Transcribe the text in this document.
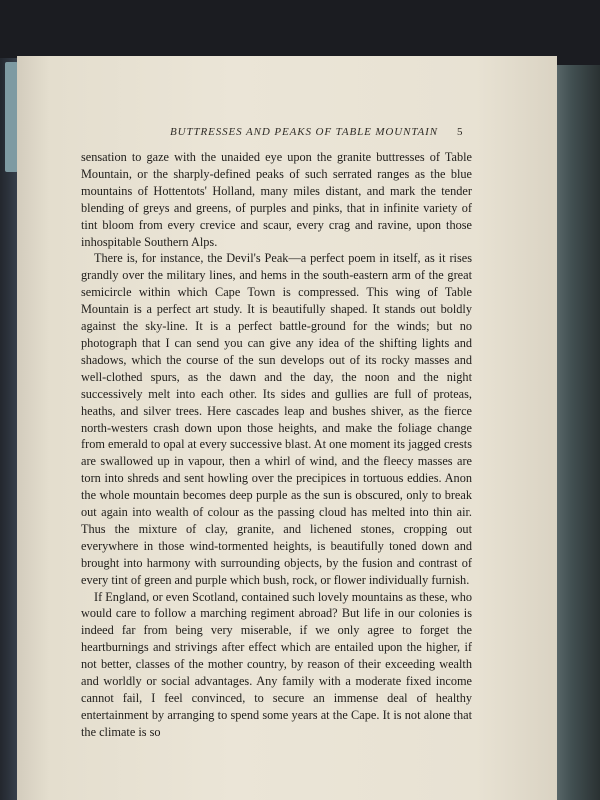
BUTTRESSES AND PEAKS OF TABLE MOUNTAIN	5

sensation to gaze with the unaided eye upon the granite buttresses of Table Mountain, or the sharply-defined peaks of such serrated ranges as the blue mountains of Hottentots' Holland, many miles distant, and mark the tender blending of greys and greens, of purples and pinks, that in infinite variety of tint bloom from every crevice and scaur, every crag and ravine, upon those inhospitable Southern Alps.

There is, for instance, the Devil's Peak—a perfect poem in itself, as it rises grandly over the military lines, and hems in the south-eastern arm of the great semicircle within which Cape Town is compressed. This wing of Table Mountain is a perfect art study. It is beautifully shaped. It stands out boldly against the sky-line. It is a perfect battle-ground for the winds; but no photograph that I can send you can give any idea of the shifting lights and shadows, which the course of the sun develops out of its rocky masses and well-clothed spurs, as the dawn and the day, the noon and the night successively melt into each other. Its sides and gullies are full of proteas, heaths, and silver trees. Here cascades leap and bushes shiver, as the fierce north-westers crash down upon those heights, and make the foliage change from emerald to opal at every successive blast. At one moment its jagged crests are swallowed up in vapour, then a whirl of wind, and the fleecy masses are torn into shreds and sent howling over the precipices in tortuous eddies. Anon the whole mountain becomes deep purple as the sun is obscured, only to break out again into wealth of colour as the passing cloud has melted into thin air. Thus the mixture of clay, granite, and lichened stones, cropping out everywhere in those wind-tormented heights, is beautifully toned down and brought into harmony with surrounding objects, by the fusion and contrast of every tint of green and purple which bush, rock, or flower individually furnish.

If England, or even Scotland, contained such lovely mountains as these, who would care to follow a marching regiment abroad? But life in our colonies is indeed far from being very miserable, if we only agree to forget the heartburnings and strivings after effect which are entailed upon the higher, if not better, classes of the mother country, by reason of their exceeding wealth and worldly or social advantages. Any family with a moderate fixed income cannot fail, I feel convinced, to secure an immense deal of healthy entertainment by arranging to spend some years at the Cape. It is not alone that the climate is so
